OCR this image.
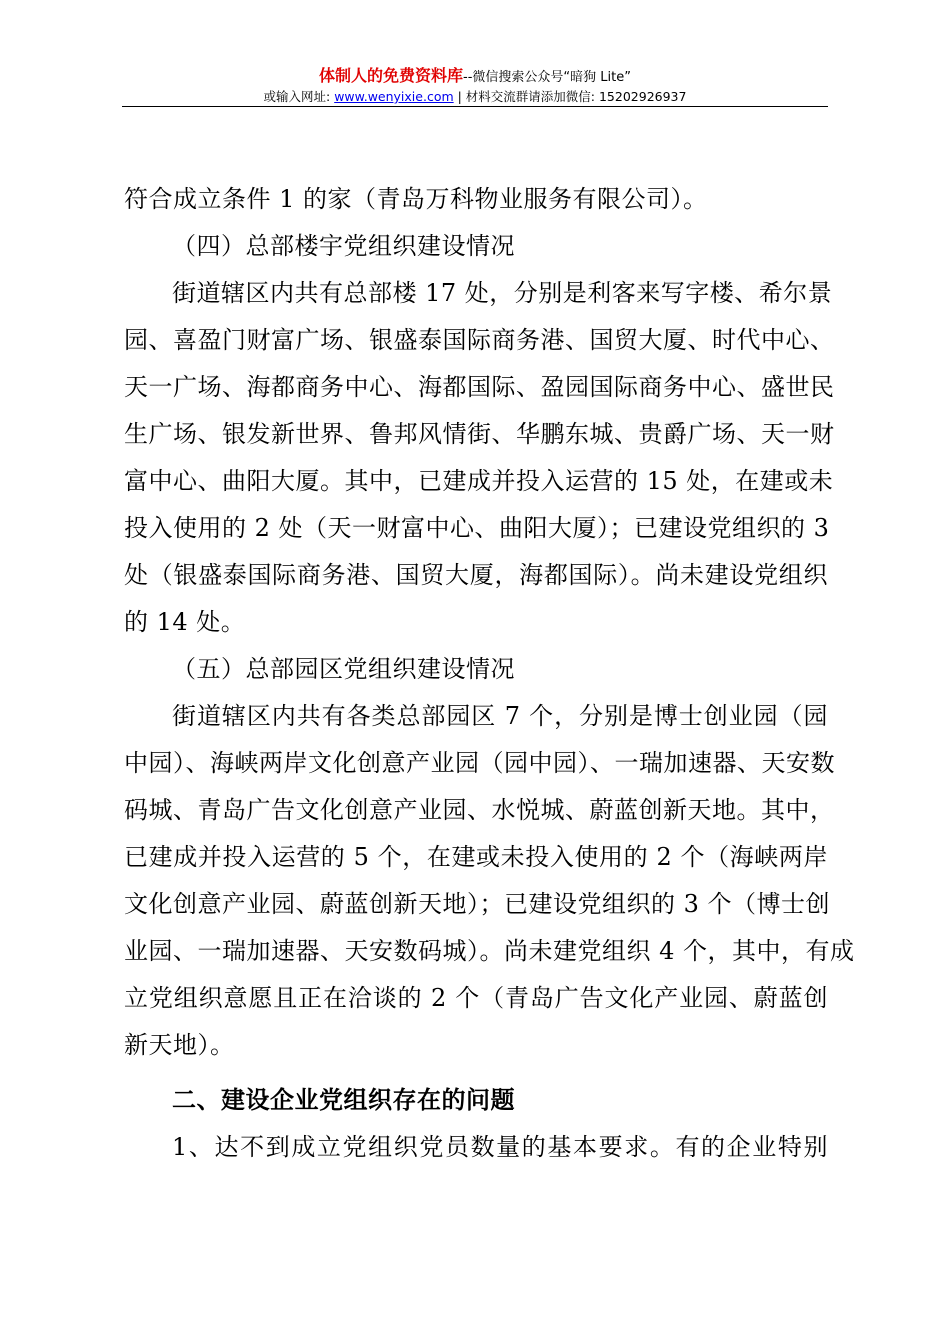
体制人的免费资料库--微信搜索公众号“暗狗 Lite”
或输入网址: www.wenyixie.com | 材料交流群请添加微信: 15202926937
符合成立条件 1 的家（青岛万科物业服务有限公司）。
（四）总部楼宇党组织建设情况
街道辖区内共有总部楼 17 处，分别是利客来写字楼、希尔景
园、喜盈门财富广场、银盛泰国际商务港、国贸大厦、时代中心、
天一广场、海都商务中心、海都国际、盈园国际商务中心、盛世民
生广场、银发新世界、鲁邦风情街、华鹏东城、贵爵广场、天一财
富中心、曲阳大厦。其中，已建成并投入运营的 15 处，在建或未
投入使用的 2 处（天一财富中心、曲阳大厦）；已建设党组织的 3
处（银盛泰国际商务港、国贸大厦，海都国际）。尚未建设党组织
的 14 处。
（五）总部园区党组织建设情况
街道辖区内共有各类总部园区 7 个，分别是博士创业园（园
中园）、海峡两岸文化创意产业园（园中园）、一瑞加速器、天安数
码城、青岛广告文化创意产业园、水悦城、蔚蓝创新天地。其中，
已建成并投入运营的 5 个，在建或未投入使用的 2 个（海峡两岸
文化创意产业园、蔚蓝创新天地）；已建设党组织的 3 个（博士创
业园、一瑞加速器、天安数码城）。尚未建党组织 4 个，其中，有成
立党组织意愿且正在洽谈的 2 个（青岛广告文化产业园、蔚蓝创
新天地）。
二、建设企业党组织存在的问题
1、达不到成立党组织党员数量的基本要求。有的企业特别
